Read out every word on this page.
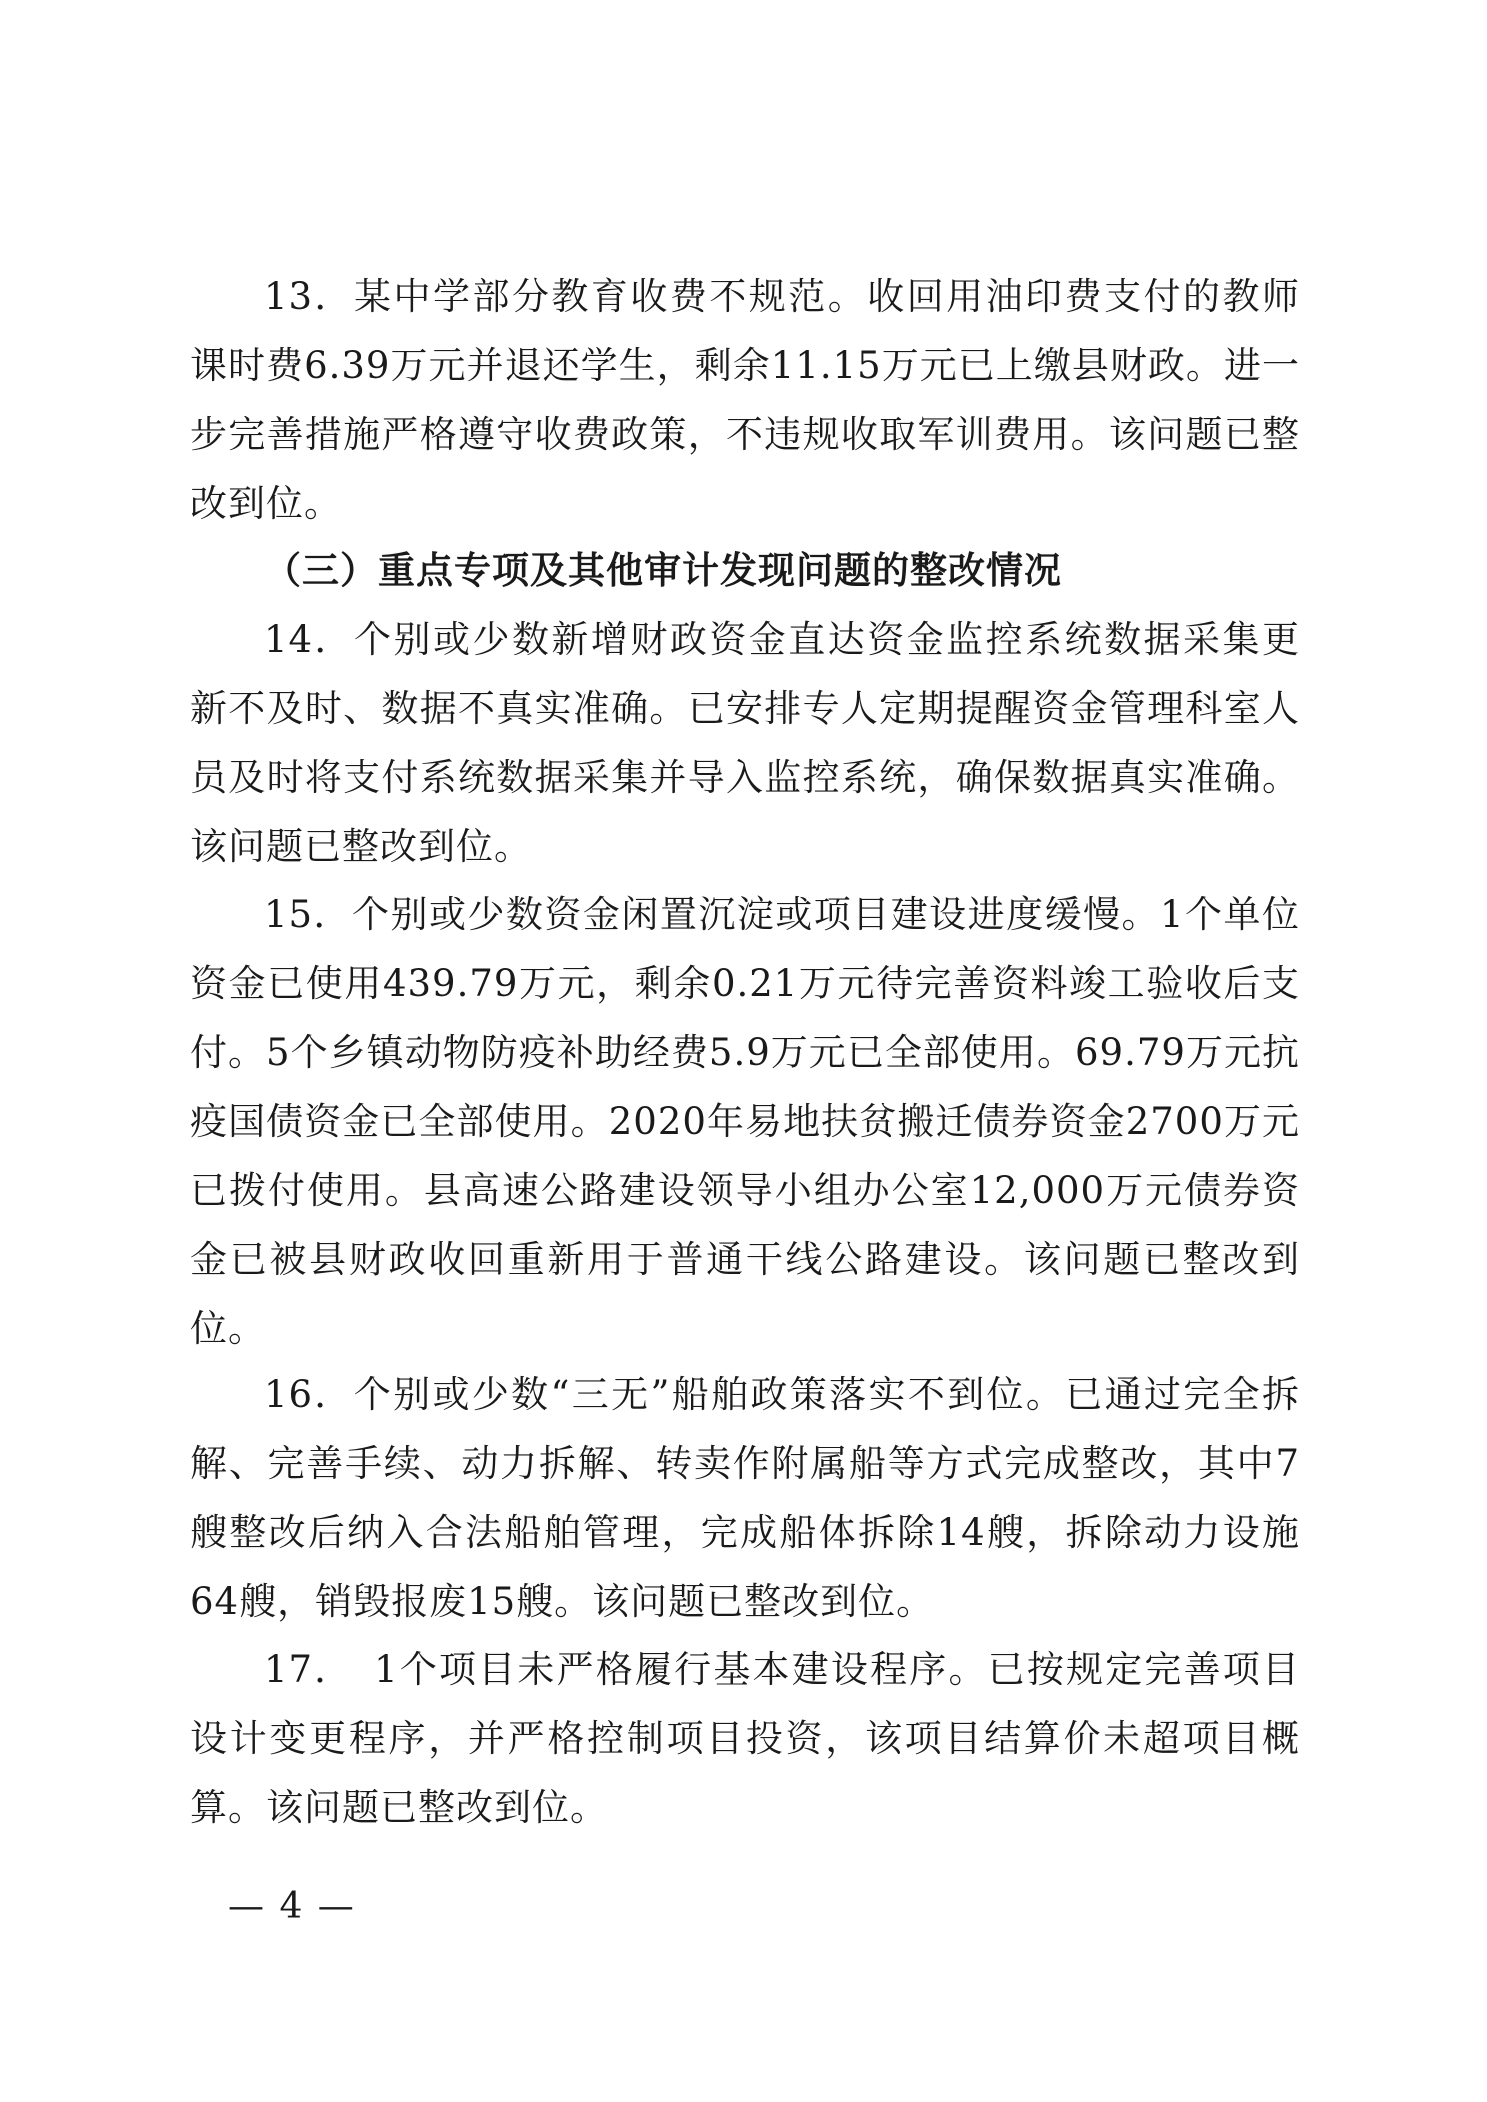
13．某中学部分教育收费不规范。收回用油印费支付的教师课时费6.39万元并退还学生，剩余11.15万元已上缴县财政。进一步完善措施严格遵守收费政策，不违规收取军训费用。该问题已整改到位。

（三）重点专项及其他审计发现问题的整改情况

14．个别或少数新增财政资金直达资金监控系统数据采集更新不及时、数据不真实准确。已安排专人定期提醒资金管理科室人员及时将支付系统数据采集并导入监控系统，确保数据真实准确。该问题已整改到位。

15．个别或少数资金闲置沉淀或项目建设进度缓慢。1个单位资金已使用439.79万元，剩余0.21万元待完善资料竣工验收后支付。5个乡镇动物防疫补助经费5.9万元已全部使用。69.79万元抗疫国债资金已全部使用。2020年易地扶贫搬迁债券资金2700万元已拨付使用。县高速公路建设领导小组办公室12,000万元债券资金已被县财政收回重新用于普通干线公路建设。该问题已整改到位。

16．个别或少数“三无”船舶政策落实不到位。已通过完全拆解、完善手续、动力拆解、转卖作附属船等方式完成整改，其中7艘整改后纳入合法船舶管理，完成船体拆除14艘，拆除动力设施64艘，销毁报废15艘。该问题已整改到位。

17．　1个项目未严格履行基本建设程序。已按规定完善项目设计变更程序，并严格控制项目投资，该项目结算价未超项目概算。该问题已整改到位。

— 4 —
